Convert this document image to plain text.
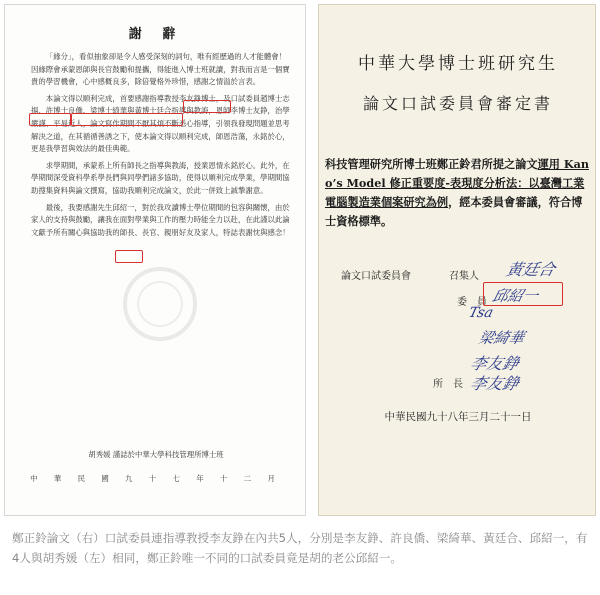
謝 辭

「緣分」，看似抽象卻是令人感受深刻的詞句，唯有經歷過的人才能體會！因緣際會承蒙恩師與長官鼓勵和提攜，得能進入博士班就讀，對我而言是一個寶貴的學習機會，心中感概良多，除倍覺格外珍惜，感謝之情溢於言表。

本論文得以順利完成，首要感謝指導教授李友錚博士，及口試委員趙博士志揚、許博士良僑、梁博士綺華與黃博士廷合指導與教誨，恩師李博士友錚，治學嚴謹、平易近人，論文寫作期間不厭其煩不斷悉心指導，引領我發現問題並思考解決之道，在其循循善誘之下，使本論文得以順利完成，師恩浩蕩，永銘於心，更是我學習與效法的最佳典範。

求學期間，承蒙系上所有師長之指導與教誨，授業恩情永銘於心。此外，在學期間深受資科學系學長們與同學們諸多協助，使得以順利完成學業，學期間協助搜集資料與論文撰寫，協助我順利完成論文，於此一併致上誠摯謝意。

最後，我要感謝先生邱紹一，對於我攻讀博士學位期間的包容與關懷，由於家人的支持與鼓勵，讓我在面對學業與工作的壓力時能全力以赴，在此謹以此論文獻予所有關心與協助我的師長、長官、親朋好友及家人，特誌表謝忱與感念！

胡秀媛 謹誌於中華大學科技管理所博士班
中 華 民 國 九 十 七 年 十 二 月
中華大學博士班研究生
論文口試委員會審定書
科技管理研究所博士班鄭正鈴君所提之論文運用 Kano’s Model 修正重要度-表現度分析法：以臺灣工業電腦製造業個案研究為例，經本委員會審議，符合博士資格標準。
論文口試委員會	召集人
委　員
所　長
黃廷合
邱紹一
Tsa
梁綺華
李友錚
李友錚
中華民國九十八年三月二十一日
鄭正鈴論文（右）口試委員連指導教授李友錚在內共5人，分別是李友錚、許良僑、梁綺華、黃廷合、邱紹一，有4人與胡秀媛（左）相同，鄭正鈴唯一不同的口試委員竟是胡的老公邱紹一。
